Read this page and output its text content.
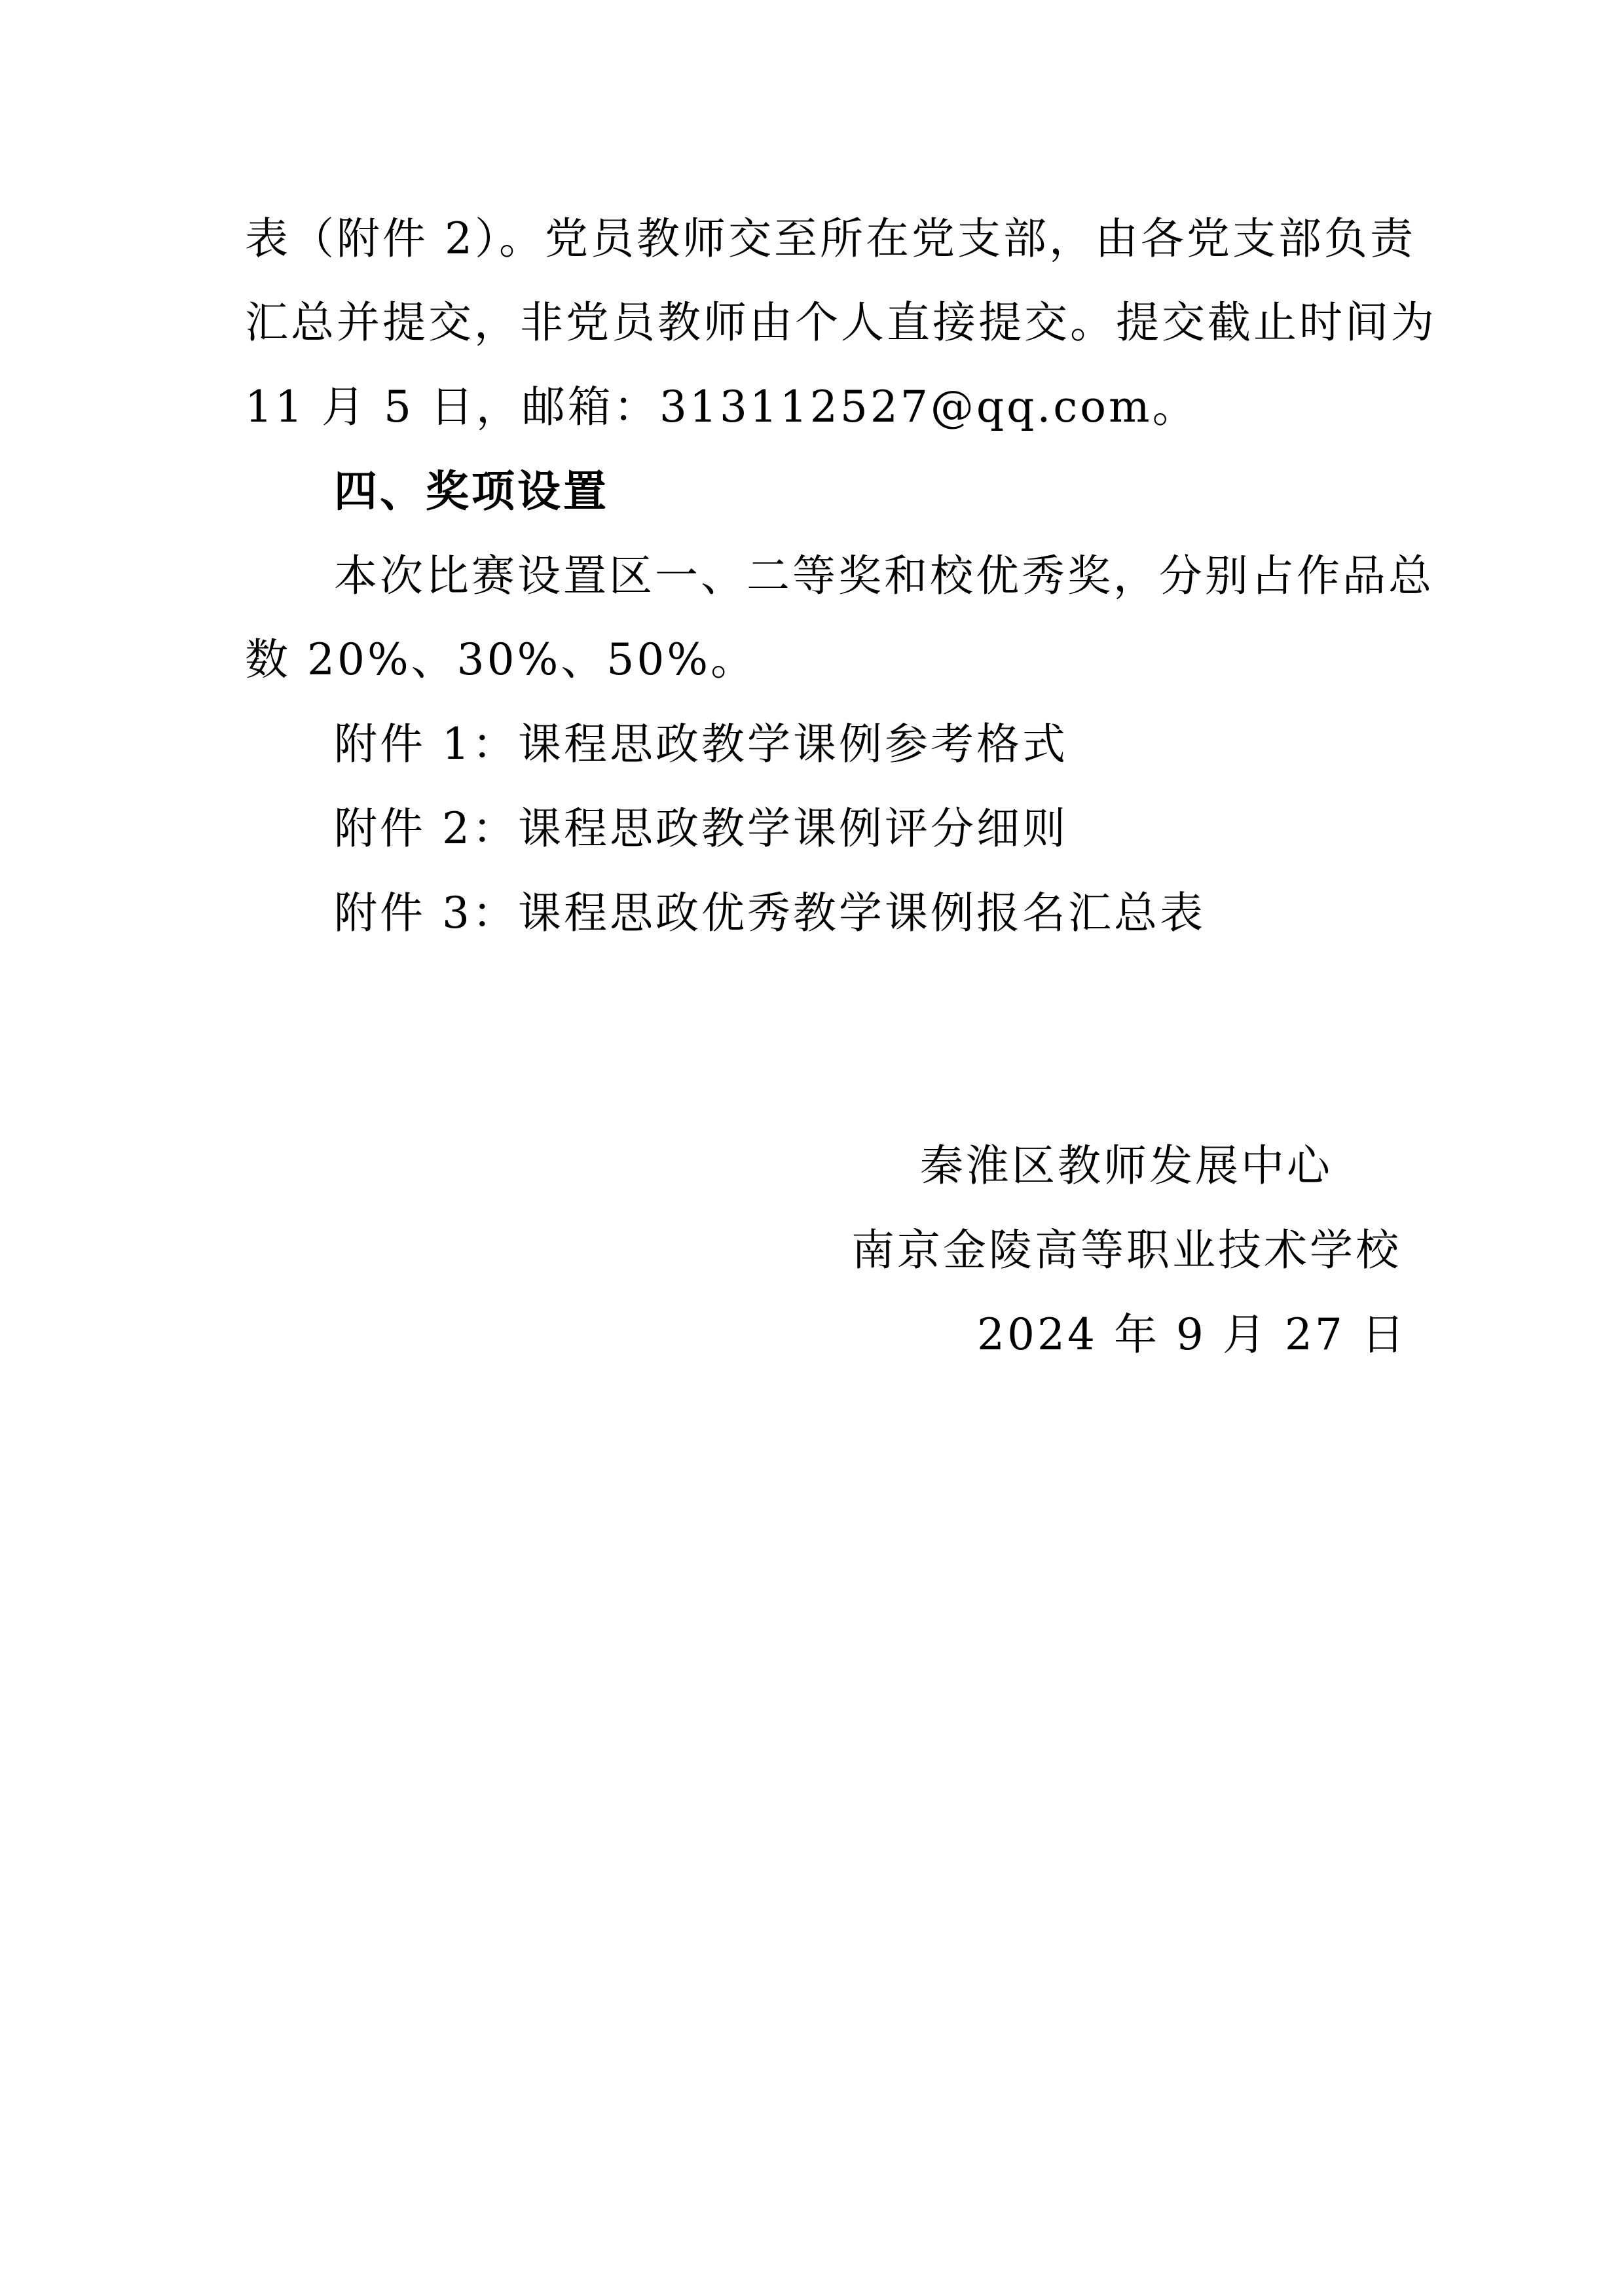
表（附件 2）。党员教师交至所在党支部，由各党支部负责
汇总并提交，非党员教师由个人直接提交。提交截止时间为
11 月 5 日，邮箱：313112527@qq.com。
四、奖项设置
本次比赛设置区一、二等奖和校优秀奖，分别占作品总
数 20%、30%、50%。
附件 1：课程思政教学课例参考格式
附件 2：课程思政教学课例评分细则
附件 3：课程思政优秀教学课例报名汇总表
秦淮区教师发展中心
南京金陵高等职业技术学校
2024 年 9 月 27 日
